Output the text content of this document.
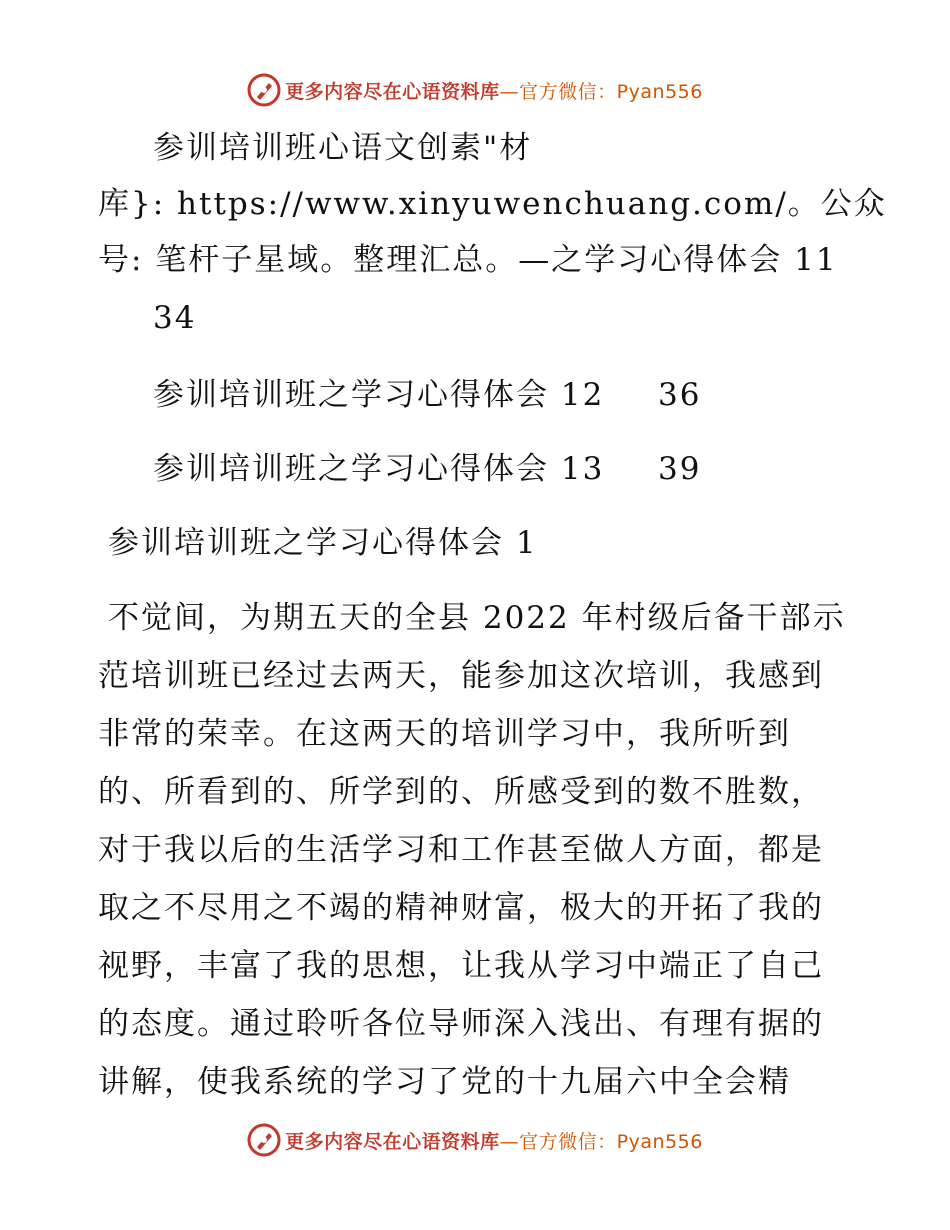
更多内容尽在心语资料库—官方微信：Pyan556
参训培训班心语文创素"材
库}: https://www.xinyuwenchuang.com/。公众
号: 笔杆子星域。整理汇总。—之学习心得体会 11
34
参训培训班之学习心得体会 12 36
参训培训班之学习心得体会 13 39
参训培训班之学习心得体会 1
不觉间，为期五天的全县 2022 年村级后备干部示
范培训班已经过去两天，能参加这次培训，我感到
非常的荣幸。在这两天的培训学习中，我所听到
的、所看到的、所学到的、所感受到的数不胜数，
对于我以后的生活学习和工作甚至做人方面，都是
取之不尽用之不竭的精神财富，极大的开拓了我的
视野，丰富了我的思想，让我从学习中端正了自己
的态度。通过聆听各位导师深入浅出、有理有据的
讲解，使我系统的学习了党的十九届六中全会精
更多内容尽在心语资料库—官方微信：Pyan556
